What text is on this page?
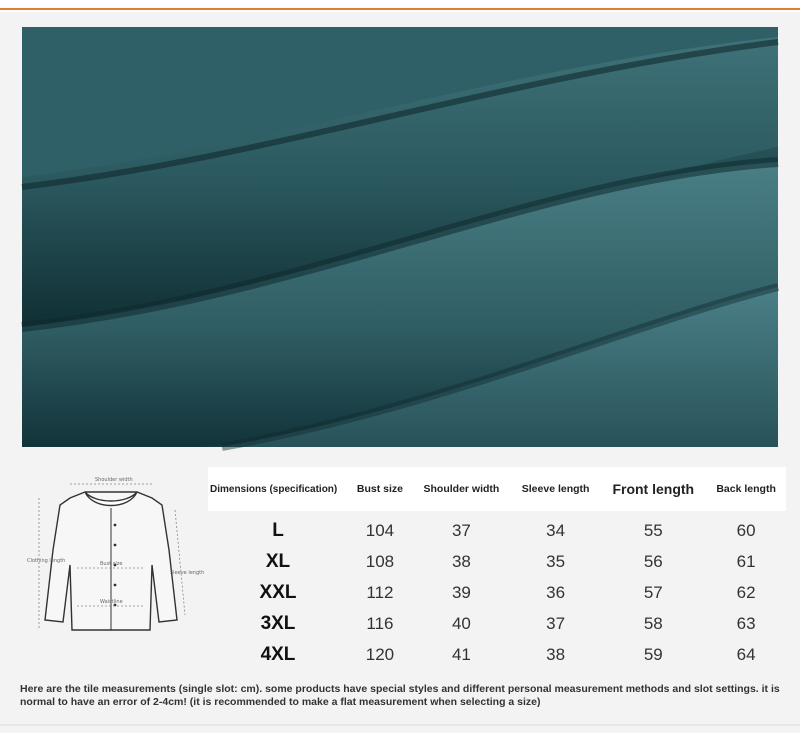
Shoulder width
Clothing length	Bust size
Sleeve length
Waistline
Dimensions (specification)	Bust size	Shoulder width	Sleeve length	Front length	Back length
L	104	37	34	55	60
XL	108	38	35	56	61
XXL	112	39	36	57	62
3XL	116	40	37	58	63
4XL	120	41	38	59	64
Here are the tile measurements (single slot: cm). some products have special styles and different personal measurement methods and slot settings. it is normal to have an error of 2-4cm! (it is recommended to make a flat measurement when selecting a size)
